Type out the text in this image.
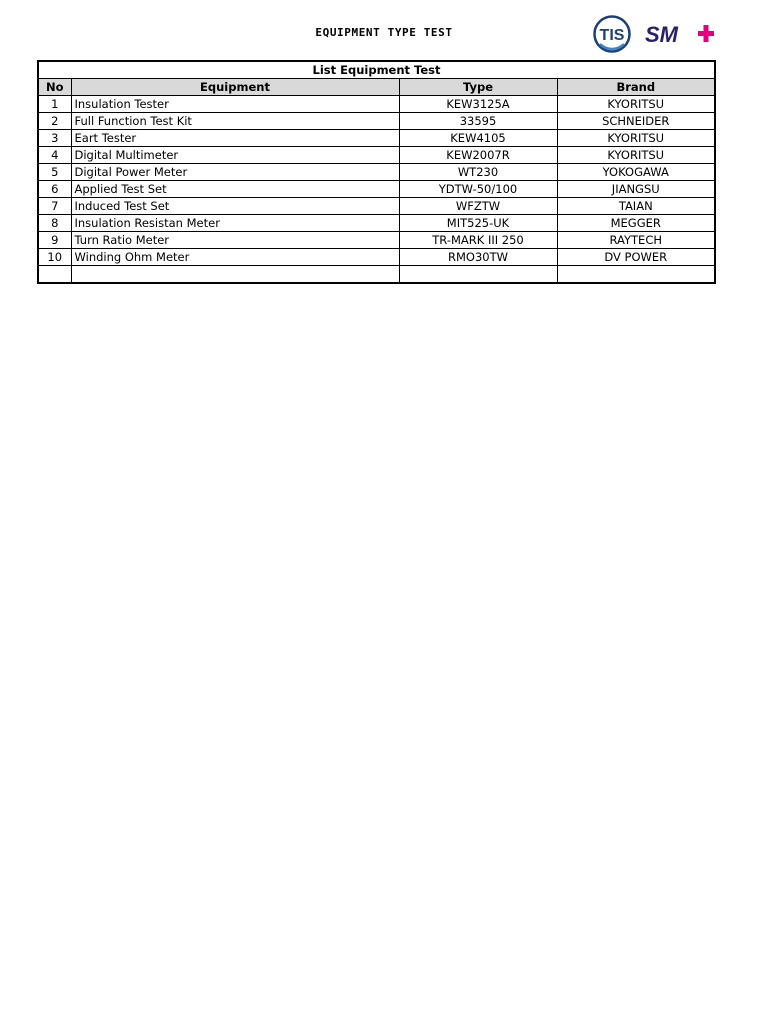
EQUIPMENT TYPE TEST	TIS SM
List Equipment Test			
No	Equipment	Type	Brand
1	Insulation Tester	KEW3125A	KYORITSU
2	Full Function Test Kit	33595	SCHNEIDER
3	Eart Tester	KEW4105	KYORITSU
4	Digital Multimeter	KEW2007R	KYORITSU
5	Digital Power Meter	WT230	YOKOGAWA
6	Applied Test Set	YDTW-50/100	JIANGSU
7	Induced Test Set	WFZTW	TAIAN
8	Insulation Resistan Meter	MIT525-UK	MEGGER
9	Turn Ratio Meter	TR-MARK III 250	RAYTECH
10	Winding Ohm Meter	RMO30TW	DV POWER
